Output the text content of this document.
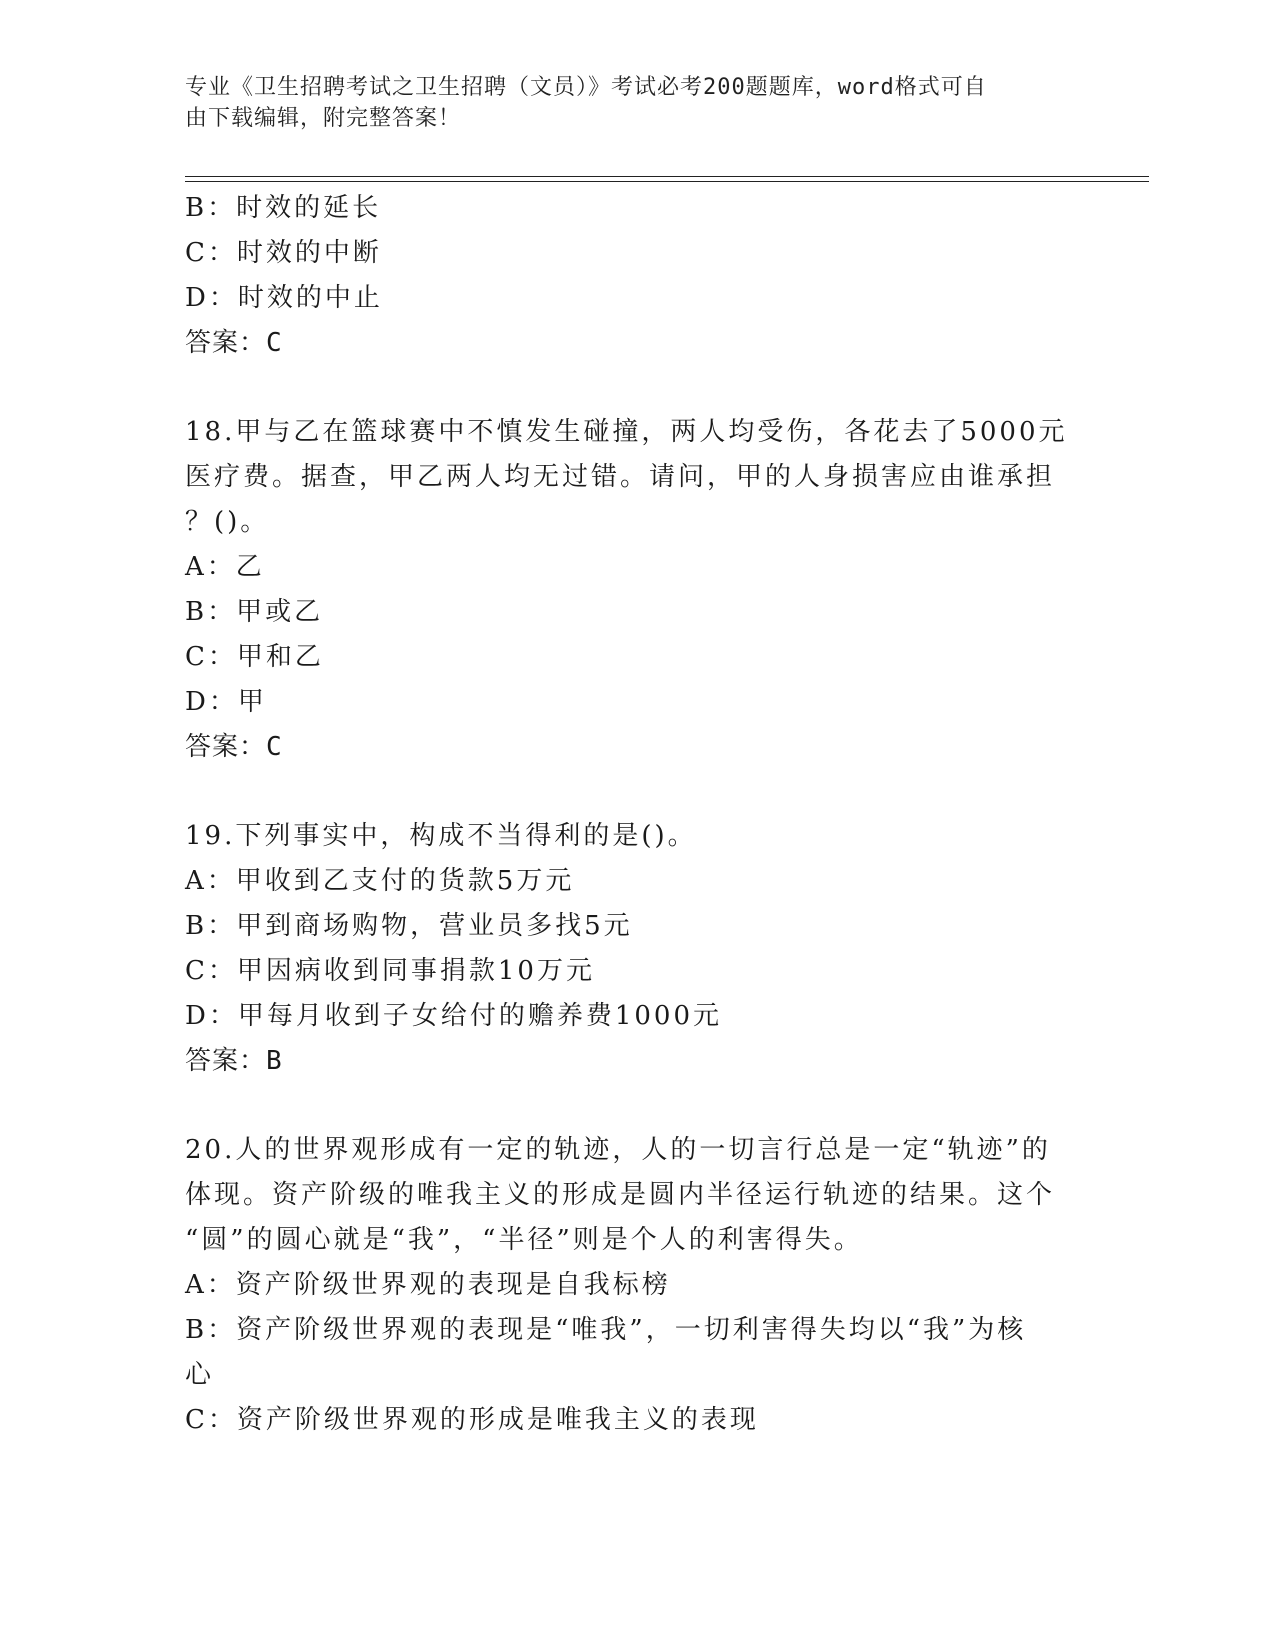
专业《卫生招聘考试之卫生招聘（文员）》考试必考200题题库，word格式可自
由下载编辑，附完整答案！
B：时效的延长
C：时效的中断
D：时效的中止
答案：C
18.甲与乙在篮球赛中不慎发生碰撞，两人均受伤，各花去了5000元
医疗费。据查，甲乙两人均无过错。请问，甲的人身损害应由谁承担
？()。
A：乙
B：甲或乙
C：甲和乙
D：甲
答案：C
19.下列事实中，构成不当得利的是()。
A：甲收到乙支付的货款5万元
B：甲到商场购物，营业员多找5元
C：甲因病收到同事捐款10万元
D：甲每月收到子女给付的赡养费1000元
答案：B
20.人的世界观形成有一定的轨迹，人的一切言行总是一定“轨迹”的
体现。资产阶级的唯我主义的形成是圆内半径运行轨迹的结果。这个
“圆”的圆心就是“我”，“半径”则是个人的利害得失。
A：资产阶级世界观的表现是自我标榜
B：资产阶级世界观的表现是“唯我”，一切利害得失均以“我”为核
心
C：资产阶级世界观的形成是唯我主义的表现
